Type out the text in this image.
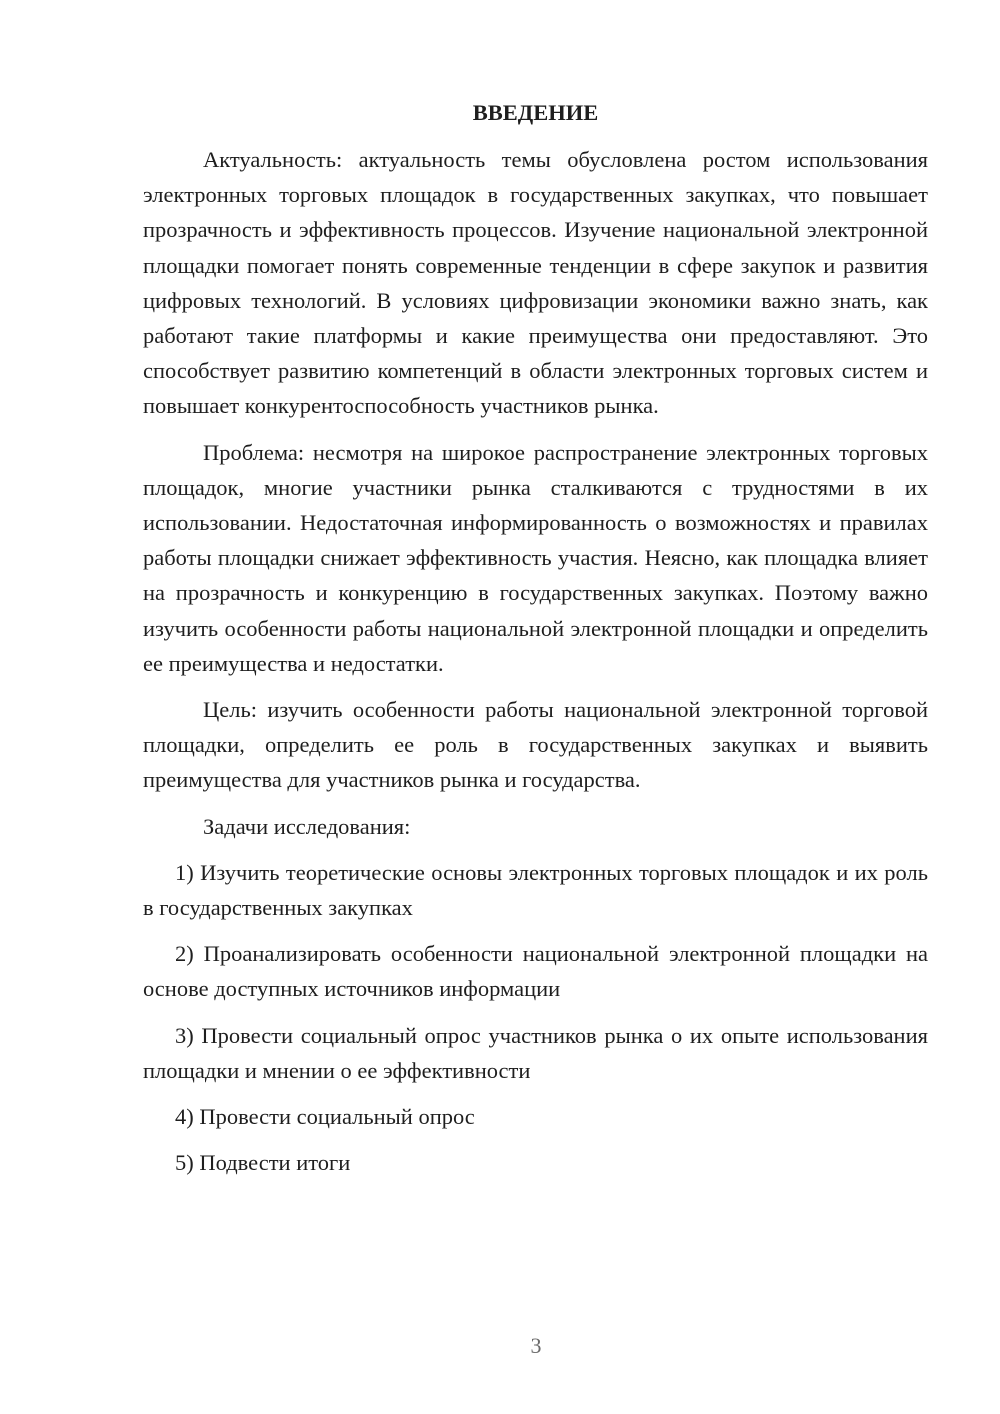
ВВЕДЕНИЕ

Актуальность: актуальность темы обусловлена ростом использования электронных торговых площадок в государственных закупках, что повышает прозрачность и эффективность процессов. Изучение национальной электронной площадки помогает понять современные тенденции в сфере закупок и развития цифровых технологий. В условиях цифровизации экономики важно знать, как работают такие платформы и какие преимущества они предоставляют. Это способствует развитию компетенций в области электронных торговых систем и повышает конкурентоспособность участников рынка.

Проблема: несмотря на широкое распространение электронных торговых площадок, многие участники рынка сталкиваются с трудностями в их использовании. Недостаточная информированность о возможностях и правилах работы площадки снижает эффективность участия. Неясно, как площадка влияет на прозрачность и конкуренцию в государственных закупках. Поэтому важно изучить особенности работы национальной электронной площадки и определить ее преимущества и недостатки.

Цель: изучить особенности работы национальной электронной торговой площадки, определить ее роль в государственных закупках и выявить преимущества для участников рынка и государства.

Задачи исследования:

1) Изучить теоретические основы электронных торговых площадок и их роль в государственных закупках

2) Проанализировать особенности национальной электронной площадки на основе доступных источников информации

3) Провести социальный опрос участников рынка о их опыте использования площадки и мнении о ее эффективности

4) Провести социальный опрос

5) Подвести итоги

3
